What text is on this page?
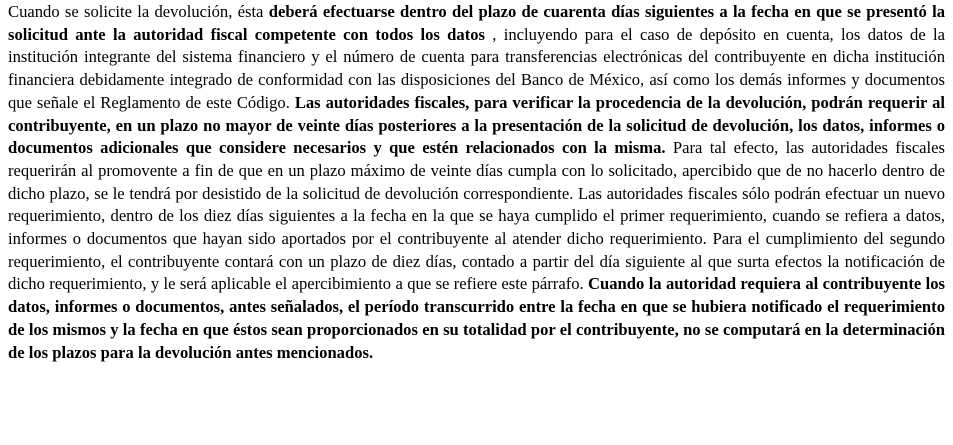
Cuando se solicite la devolución, ésta deberá efectuarse dentro del plazo de cuarenta días siguientes a la fecha en que se presentó la solicitud ante la autoridad fiscal competente con todos los datos , incluyendo para el caso de depósito en cuenta, los datos de la institución integrante del sistema financiero y el número de cuenta para transferencias electrónicas del contribuyente en dicha institución financiera debidamente integrado de conformidad con las disposiciones del Banco de México, así como los demás informes y documentos que señale el Reglamento de este Código. Las autoridades fiscales, para verificar la procedencia de la devolución, podrán requerir al contribuyente, en un plazo no mayor de veinte días posteriores a la presentación de la solicitud de devolución, los datos, informes o documentos adicionales que considere necesarios y que estén relacionados con la misma. Para tal efecto, las autoridades fiscales requerirán al promovente a fin de que en un plazo máximo de veinte días cumpla con lo solicitado, apercibido que de no hacerlo dentro de dicho plazo, se le tendrá por desistido de la solicitud de devolución correspondiente. Las autoridades fiscales sólo podrán efectuar un nuevo requerimiento, dentro de los diez días siguientes a la fecha en la que se haya cumplido el primer requerimiento, cuando se refiera a datos, informes o documentos que hayan sido aportados por el contribuyente al atender dicho requerimiento. Para el cumplimiento del segundo requerimiento, el contribuyente contará con un plazo de diez días, contado a partir del día siguiente al que surta efectos la notificación de dicho requerimiento, y le será aplicable el apercibimiento a que se refiere este párrafo. Cuando la autoridad requiera al contribuyente los datos, informes o documentos, antes señalados, el período transcurrido entre la fecha en que se hubiera notificado el requerimiento de los mismos y la fecha en que éstos sean proporcionados en su totalidad por el contribuyente, no se computará en la determinación de los plazos para la devolución antes mencionados.
